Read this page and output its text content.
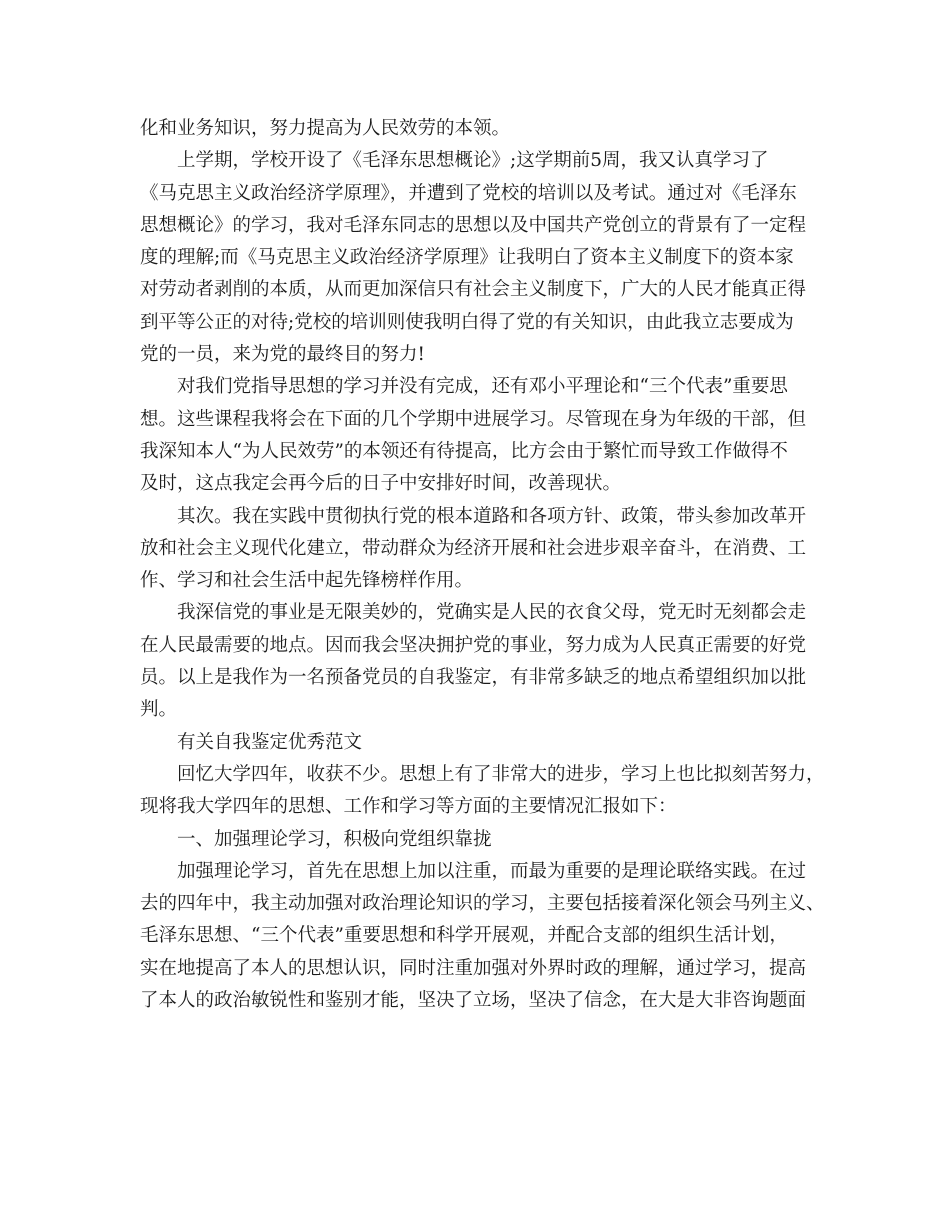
化和业务知识，努力提高为人民效劳的本领。
上学期，学校开设了《毛泽东思想概论》;这学期前5周，我又认真学习了
《马克思主义政治经济学原理》，并遭到了党校的培训以及考试。通过对《毛泽东
思想概论》的学习，我对毛泽东同志的思想以及中国共产党创立的背景有了一定程
度的理解;而《马克思主义政治经济学原理》让我明白了资本主义制度下的资本家
对劳动者剥削的本质，从而更加深信只有社会主义制度下，广大的人民才能真正得
到平等公正的对待;党校的培训则使我明白得了党的有关知识，由此我立志要成为
党的一员，来为党的最终目的努力!
对我们党指导思想的学习并没有完成，还有邓小平理论和“三个代表”重要思
想。这些课程我将会在下面的几个学期中进展学习。尽管现在身为年级的干部，但
我深知本人“为人民效劳”的本领还有待提高，比方会由于繁忙而导致工作做得不
及时，这点我定会再今后的日子中安排好时间，改善现状。
其次。我在实践中贯彻执行党的根本道路和各项方针、政策，带头参加改革开
放和社会主义现代化建立，带动群众为经济开展和社会进步艰辛奋斗，在消费、工
作、学习和社会生活中起先锋榜样作用。
我深信党的事业是无限美妙的，党确实是人民的衣食父母，党无时无刻都会走
在人民最需要的地点。因而我会坚决拥护党的事业，努力成为人民真正需要的好党
员。以上是我作为一名预备党员的自我鉴定，有非常多缺乏的地点希望组织加以批
判。
有关自我鉴定优秀范文
回忆大学四年，收获不少。思想上有了非常大的进步，学习上也比拟刻苦努力，
现将我大学四年的思想、工作和学习等方面的主要情况汇报如下：
一、加强理论学习，积极向党组织靠拢
加强理论学习，首先在思想上加以注重，而最为重要的是理论联络实践。在过
去的四年中，我主动加强对政治理论知识的学习，主要包括接着深化领会马列主义、
毛泽东思想、“三个代表”重要思想和科学开展观，并配合支部的组织生活计划，
实在地提高了本人的思想认识，同时注重加强对外界时政的理解，通过学习，提高
了本人的政治敏锐性和鉴别才能，坚决了立场，坚决了信念，在大是大非咨询题面
